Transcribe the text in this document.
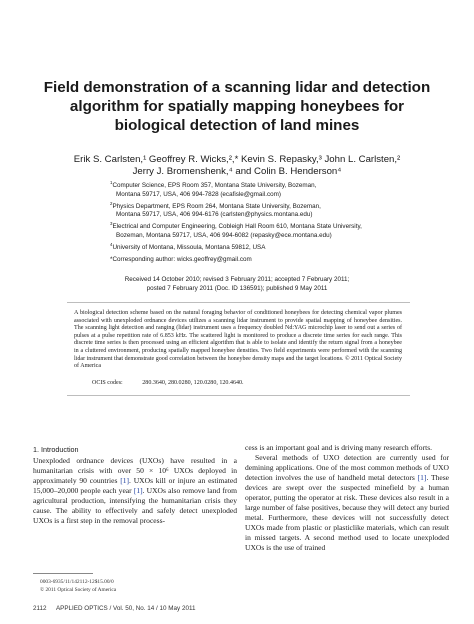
Field demonstration of a scanning lidar and detection algorithm for spatially mapping honeybees for biological detection of land mines
Erik S. Carlsten,¹ Geoffrey R. Wicks,²,* Kevin S. Repasky,³ John L. Carlsten,²
Jerry J. Bromenshenk,⁴ and Colin B. Henderson⁴
$^1$Computer Science, EPS Room 357, Montana State University, Bozeman,
Montana 59717, USA, 406 994-7828 (ecafisle@gmail.com)
$^2$Physics Department, EPS Room 264, Montana State University, Bozeman,
Montana 59717, USA, 406 994-6176 (carlsten@physics.montana.edu)
$^3$Electrical and Computer Engineering, Cobleigh Hall Room 610, Montana State University,
Bozeman, Montana 59717, USA, 406 994-6082 (repasky@ece.montana.edu)
$^4$University of Montana, Missoula, Montana 59812, USA
*Corresponding author: wicks.geoffrey@gmail.com
Received 14 October 2010; revised 3 February 2011; accepted 7 February 2011;
posted 7 February 2011 (Doc. ID 136591); published 9 May 2011
A biological detection scheme based on the natural foraging behavior of conditioned honeybees for detecting chemical vapor plumes associated with unexploded ordnance devices utilizes a scanning lidar instrument to provide spatial mapping of honeybee densities. The scanning light detection and ranging (lidar) instrument uses a frequency doubled Nd:YAG microchip laser to send out a series of pulses at a pulse repetition rate of 6.853 kHz. The scattered light is monitored to produce a discrete time series for each range. This discrete time series is then processed using an efficient algorithm that is able to isolate and identify the return signal from a honeybee in a cluttered environment, producing spatially mapped honeybee densities. Two field experiments were performed with the scanning lidar instrument that demonstrate good correlation between the honeybee density maps and the target locations. © 2011 Optical Society of America
OCIS codes:	280.3640, 280.0280, 120.0280, 120.4640.
1. Introduction

Unexploded ordnance devices (UXOs) have resulted in a humanitarian crisis with over 50 × 10⁶ UXOs deployed in approximately 90 countries [1]. UXOs kill or injure an estimated 15,000–20,000 people each year [1]. UXOs also remove land from agricultural production, intensifying the humanitarian crisis they cause. The ability to effectively and safely detect unexploded UXOs is a first step in the removal process-

cess is an important goal and is driving many research efforts.

Several methods of UXO detection are currently used for demining applications. One of the most common methods of UXO detection involves the use of handheld metal detectors [1]. These devices are swept over the suspected minefield by a human operator, putting the operator at risk. These devices also result in a large number of false positives, because they will detect any buried metal. Furthermore, these devices will not successfully detect UXOs made from plastic or plasticlike materials, which can result in missed targets. A second method used to locate unexploded UXOs is the use of trained

0003-6935/11/142112-12$15.00/0
© 2011 Optical Society of America
2112 APPLIED OPTICS / Vol. 50, No. 14 / 10 May 2011
